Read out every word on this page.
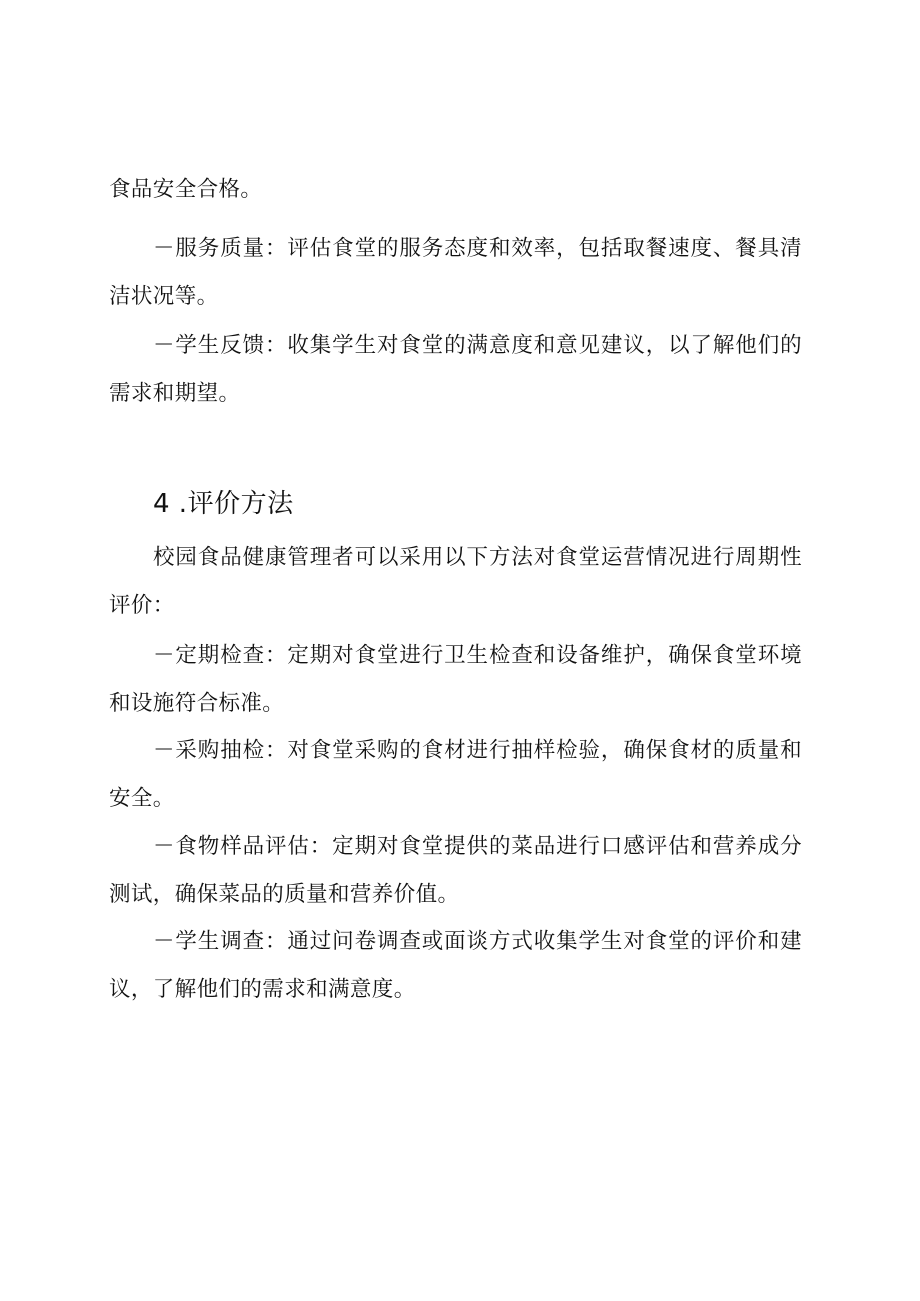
食品安全合格。

－服务质量：评估食堂的服务态度和效率，包括取餐速度、餐具清洁状况等。

－学生反馈：收集学生对食堂的满意度和意见建议，以了解他们的需求和期望。

4 .评价方法

校园食品健康管理者可以采用以下方法对食堂运营情况进行周期性评价：

－定期检查：定期对食堂进行卫生检查和设备维护，确保食堂环境和设施符合标准。

－采购抽检：对食堂采购的食材进行抽样检验，确保食材的质量和安全。

－食物样品评估：定期对食堂提供的菜品进行口感评估和营养成分测试，确保菜品的质量和营养价值。

－学生调查：通过问卷调查或面谈方式收集学生对食堂的评价和建议，了解他们的需求和满意度。
